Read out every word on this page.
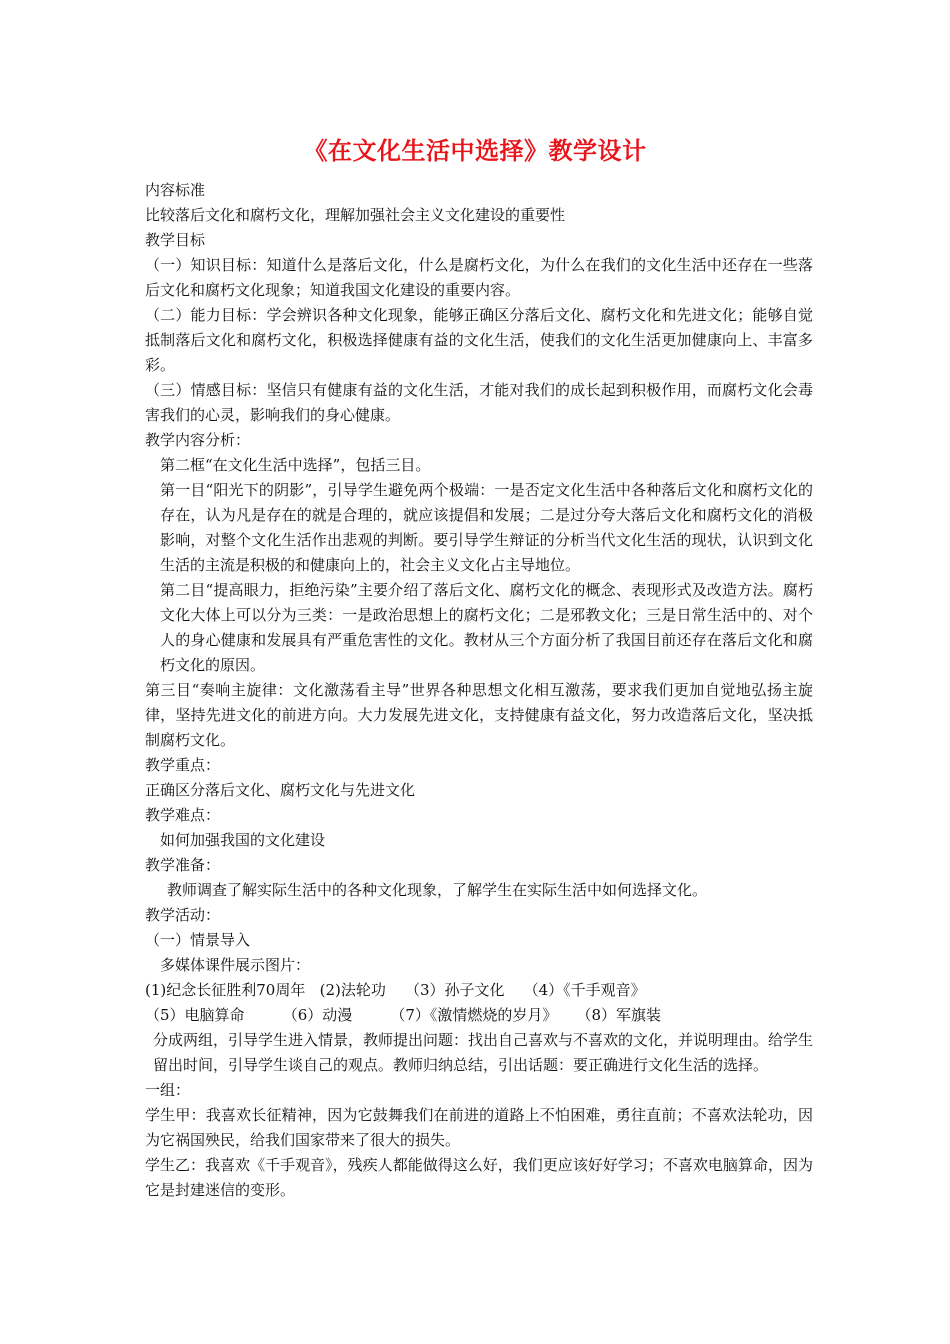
《在文化生活中选择》教学设计
内容标准
比较落后文化和腐朽文化，理解加强社会主义文化建设的重要性
教学目标
（一）知识目标：知道什么是落后文化，什么是腐朽文化，为什么在我们的文化生活中还存在一些落后文化和腐朽文化现象；知道我国文化建设的重要内容。
（二）能力目标：学会辨识各种文化现象，能够正确区分落后文化、腐朽文化和先进文化；能够自觉抵制落后文化和腐朽文化，积极选择健康有益的文化生活，使我们的文化生活更加健康向上、丰富多彩。
（三）情感目标：坚信只有健康有益的文化生活，才能对我们的成长起到积极作用，而腐朽文化会毒害我们的心灵，影响我们的身心健康。
教学内容分析：
第二框“在文化生活中选择”，包括三目。
第一目“阳光下的阴影”，引导学生避免两个极端：一是否定文化生活中各种落后文化和腐朽文化的存在，认为凡是存在的就是合理的，就应该提倡和发展；二是过分夸大落后文化和腐朽文化的消极影响，对整个文化生活作出悲观的判断。要引导学生辩证的分析当代文化生活的现状，认识到文化生活的主流是积极的和健康向上的，社会主义文化占主导地位。
第二目“提高眼力，拒绝污染”主要介绍了落后文化、腐朽文化的概念、表现形式及改造方法。腐朽文化大体上可以分为三类：一是政治思想上的腐朽文化；二是邪教文化；三是日常生活中的、对个人的身心健康和发展具有严重危害性的文化。教材从三个方面分析了我国目前还存在落后文化和腐朽文化的原因。
第三目“奏响主旋律：文化激荡看主导”世界各种思想文化相互激荡，要求我们更加自觉地弘扬主旋律，坚持先进文化的前进方向。大力发展先进文化，支持健康有益文化，努力改造落后文化，坚决抵制腐朽文化。
教学重点：
正确区分落后文化、腐朽文化与先进文化
教学难点：
如何加强我国的文化建设
教学准备：
教师调查了解实际生活中的各种文化现象，了解学生在实际生活中如何选择文化。
教学活动：
（一）情景导入
多媒体课件展示图片：
(1)纪念长征胜利70周年   (2)法轮功    （3）孙子文化    （4）《千手观音》
（5）电脑算命        （6）动漫        （7）《激情燃烧的岁月》    （8）军旗装
分成两组，引导学生进入情景，教师提出问题：找出自己喜欢与不喜欢的文化，并说明理由。给学生留出时间，引导学生谈自己的观点。教师归纳总结，引出话题：要正确进行文化生活的选择。
一组：
学生甲：我喜欢长征精神，因为它鼓舞我们在前进的道路上不怕困难，勇往直前；不喜欢法轮功，因为它祸国殃民，给我们国家带来了很大的损失。
学生乙：我喜欢《千手观音》，残疾人都能做得这么好，我们更应该好好学习；不喜欢电脑算命，因为它是封建迷信的变形。
